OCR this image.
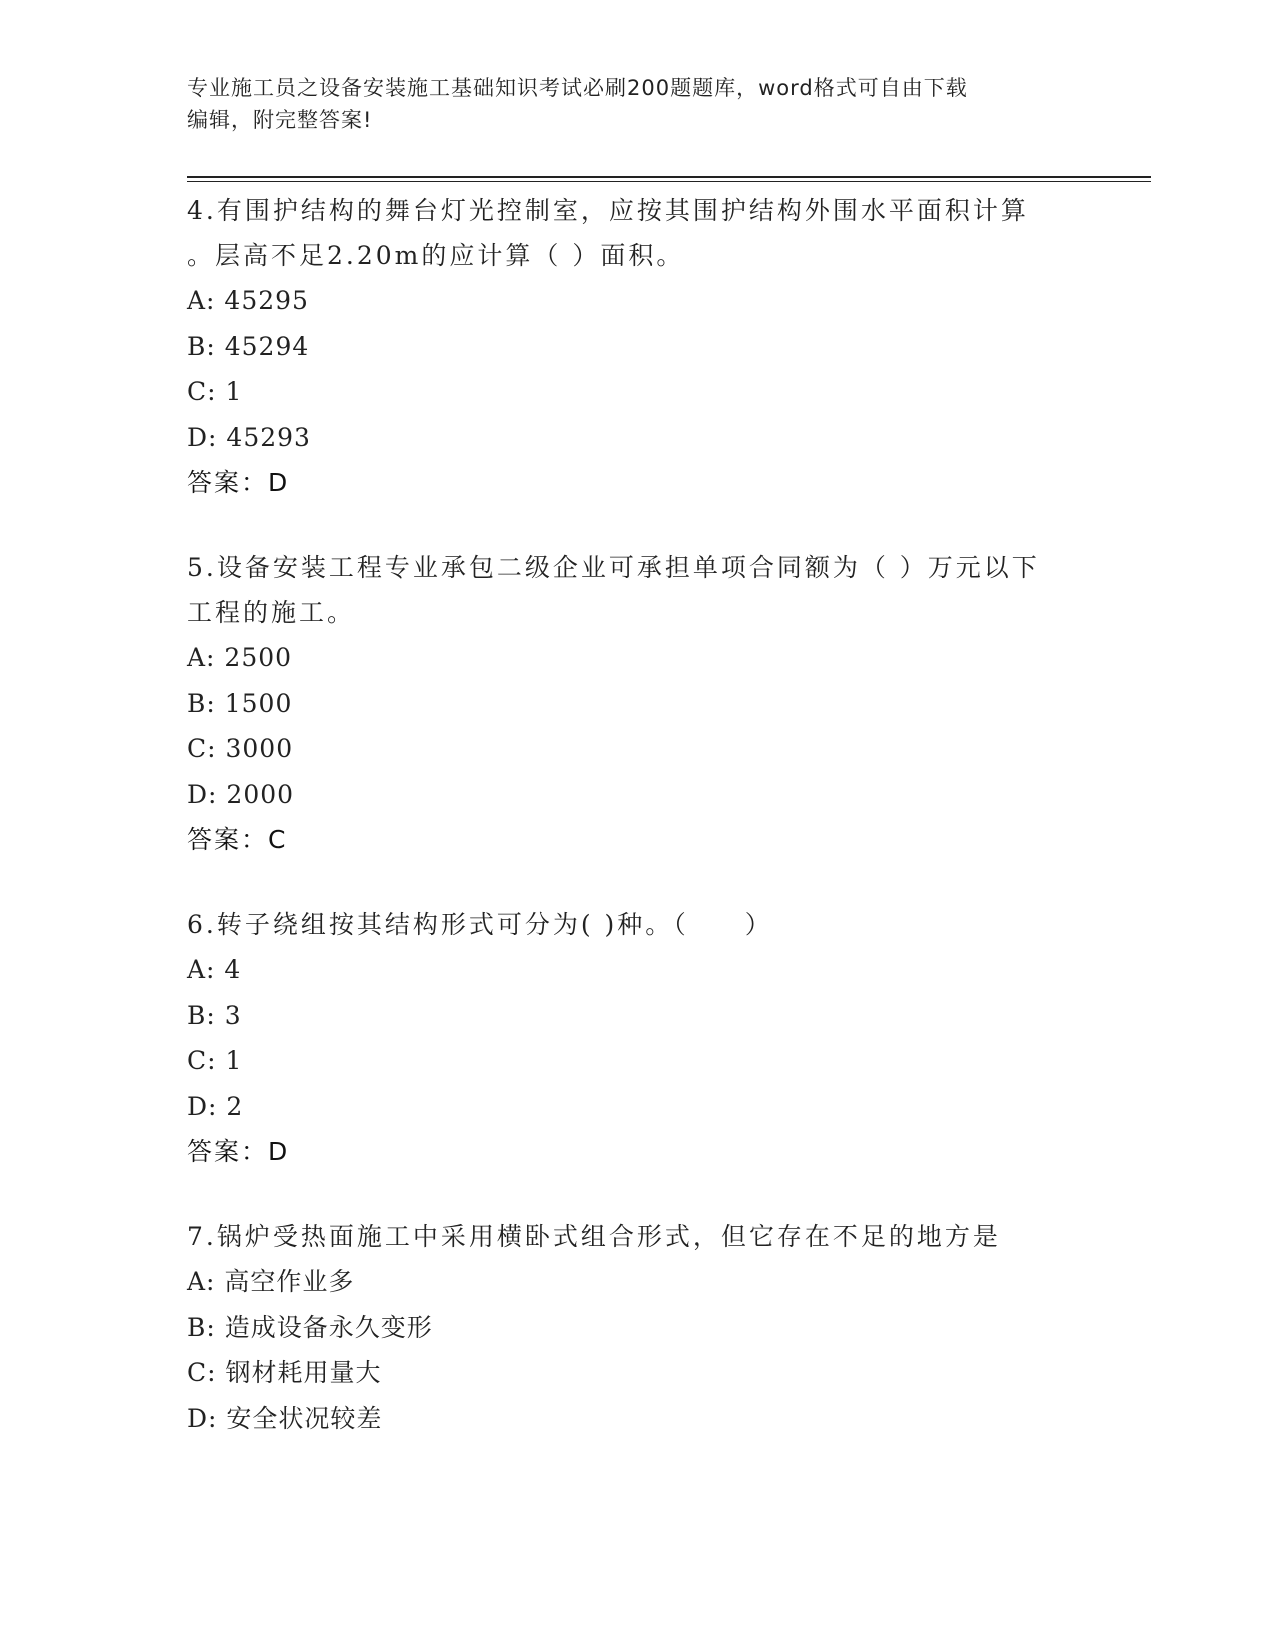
专业施工员之设备安装施工基础知识考试必刷200题题库，word格式可自由下载
编辑，附完整答案!
4.有围护结构的舞台灯光控制室，应按其围护结构外围水平面积计算
。层高不足2.20m的应计算（ ）面积。
A: 45295
B: 45294
C: 1
D: 45293
答案：D
5.设备安装工程专业承包二级企业可承担单项合同额为（ ）万元以下
工程的施工。
A: 2500
B: 1500
C: 3000
D: 2000
答案：C
6.转子绕组按其结构形式可分为( )种。（　　）
A: 4
B: 3
C: 1
D: 2
答案：D
7.锅炉受热面施工中采用横卧式组合形式，但它存在不足的地方是
A: 高空作业多
B: 造成设备永久变形
C: 钢材耗用量大
D: 安全状况较差
